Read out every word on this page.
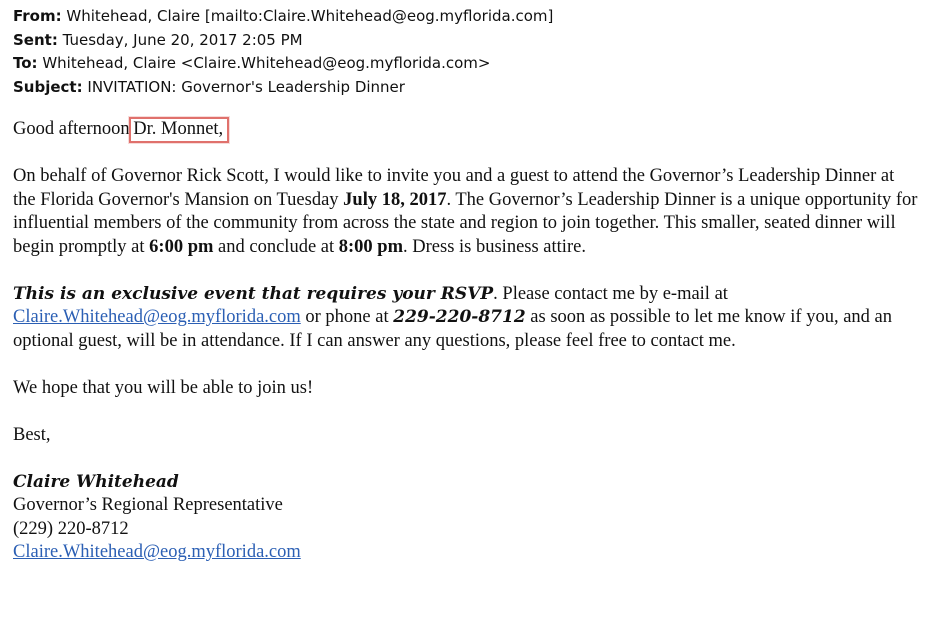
From: Whitehead, Claire [mailto:Claire.Whitehead@eog.myflorida.com]
Sent: Tuesday, June 20, 2017 2:05 PM
To: Whitehead, Claire <Claire.Whitehead@eog.myflorida.com>
Subject: INVITATION: Governor's Leadership Dinner

Good afternoon Dr. Monnet,

On behalf of Governor Rick Scott, I would like to invite you and a guest to attend the Governor’s Leadership Dinner at the Florida Governor's Mansion on Tuesday July 18, 2017. The Governor’s Leadership Dinner is a unique opportunity for influential members of the community from across the state and region to join together. This smaller, seated dinner will begin promptly at 6:00 pm and conclude at 8:00 pm. Dress is business attire.

This is an exclusive event that requires your RSVP. Please contact me by e-mail at Claire.Whitehead@eog.myflorida.com or phone at 229-220-8712 as soon as possible to let me know if you, and an optional guest, will be in attendance. If I can answer any questions, please feel free to contact me.

We hope that you will be able to join us!

Best,

Claire Whitehead
Governor’s Regional Representative
(229) 220-8712
Claire.Whitehead@eog.myflorida.com
